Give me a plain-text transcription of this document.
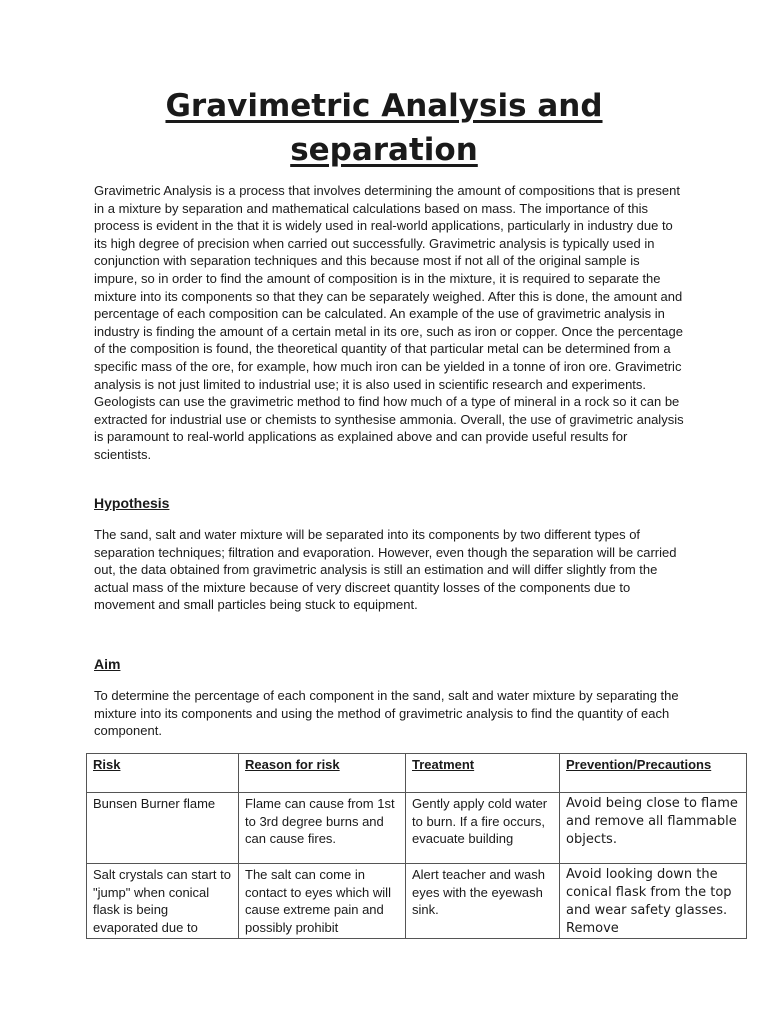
Gravimetric Analysis and
separation

Gravimetric Analysis is a process that involves determining the amount of compositions that is present in a mixture by separation and mathematical calculations based on mass. The importance of this process is evident in the that it is widely used in real-world applications, particularly in industry due to its high degree of precision when carried out successfully. Gravimetric analysis is typically used in conjunction with separation techniques and this because most if not all of the original sample is impure, so in order to find the amount of composition is in the mixture, it is required to separate the mixture into its components so that they can be separately weighed. After this is done, the amount and percentage of each composition can be calculated. An example of the use of gravimetric analysis in industry is finding the amount of a certain metal in its ore, such as iron or copper. Once the percentage of the composition is found, the theoretical quantity of that particular metal can be determined from a specific mass of the ore, for example, how much iron can be yielded in a tonne of iron ore. Gravimetric analysis is not just limited to industrial use; it is also used in scientific research and experiments. Geologists can use the gravimetric method to find how much of a type of mineral in a rock so it can be extracted for industrial use or chemists to synthesise ammonia. Overall, the use of gravimetric analysis is paramount to real-world applications as explained above and can provide useful results for scientists.

Hypothesis

The sand, salt and water mixture will be separated into its components by two different types of separation techniques; filtration and evaporation. However, even though the separation will be carried out, the data obtained from gravimetric analysis is still an estimation and will differ slightly from the actual mass of the mixture because of very discreet quantity losses of the components due to movement and small particles being stuck to equipment.

Aim

To determine the percentage of each component in the sand, salt and water mixture by separating the mixture into its components and using the method of gravimetric analysis to find the quantity of each component.

Risk	Reason for risk	Treatment	Prevention/Precautions
Bunsen Burner flame	Flame can cause from 1st to 3rd degree burns and can cause fires.	Gently apply cold water to burn. If a fire occurs, evacuate building	Avoid being close to flame and remove all flammable objects.
Salt crystals can start to "jump" when conical flask is being evaporated due to	The salt can come in contact to eyes which will cause extreme pain and possibly prohibit	Alert teacher and wash eyes with the eyewash sink.	Avoid looking down the conical flask from the top and wear safety glasses. Remove
